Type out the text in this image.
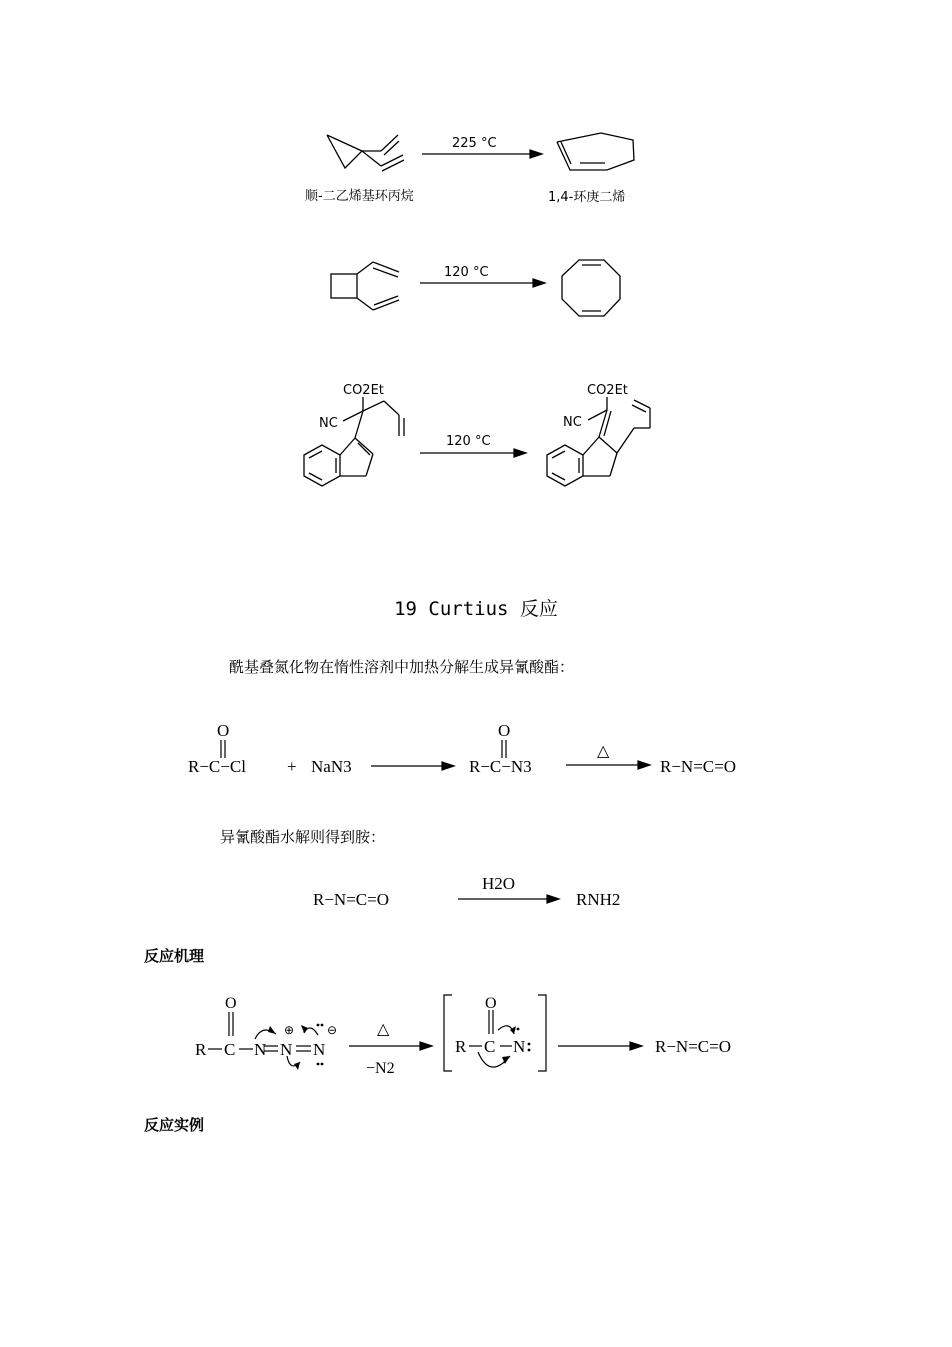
225 °C
顺-二乙烯基环丙烷	1,4-环庚二烯
120 °C
CO2Et
NC
120 °C
CO2Et
NC
19 Curtius 反应
酰基叠氮化物在惰性溶剂中加热分解生成异氰酸酯：
O
R−C−Cl + NaN3
O
R−C−N3
△
R−N=C=O
异氰酸酯水解则得到胺：
R−N=C=O
H2O
RNH2
反应机理
O
R C N N N
⊕	⊖ △
−N2
O
R C N	R−N=C=O
反应实例
